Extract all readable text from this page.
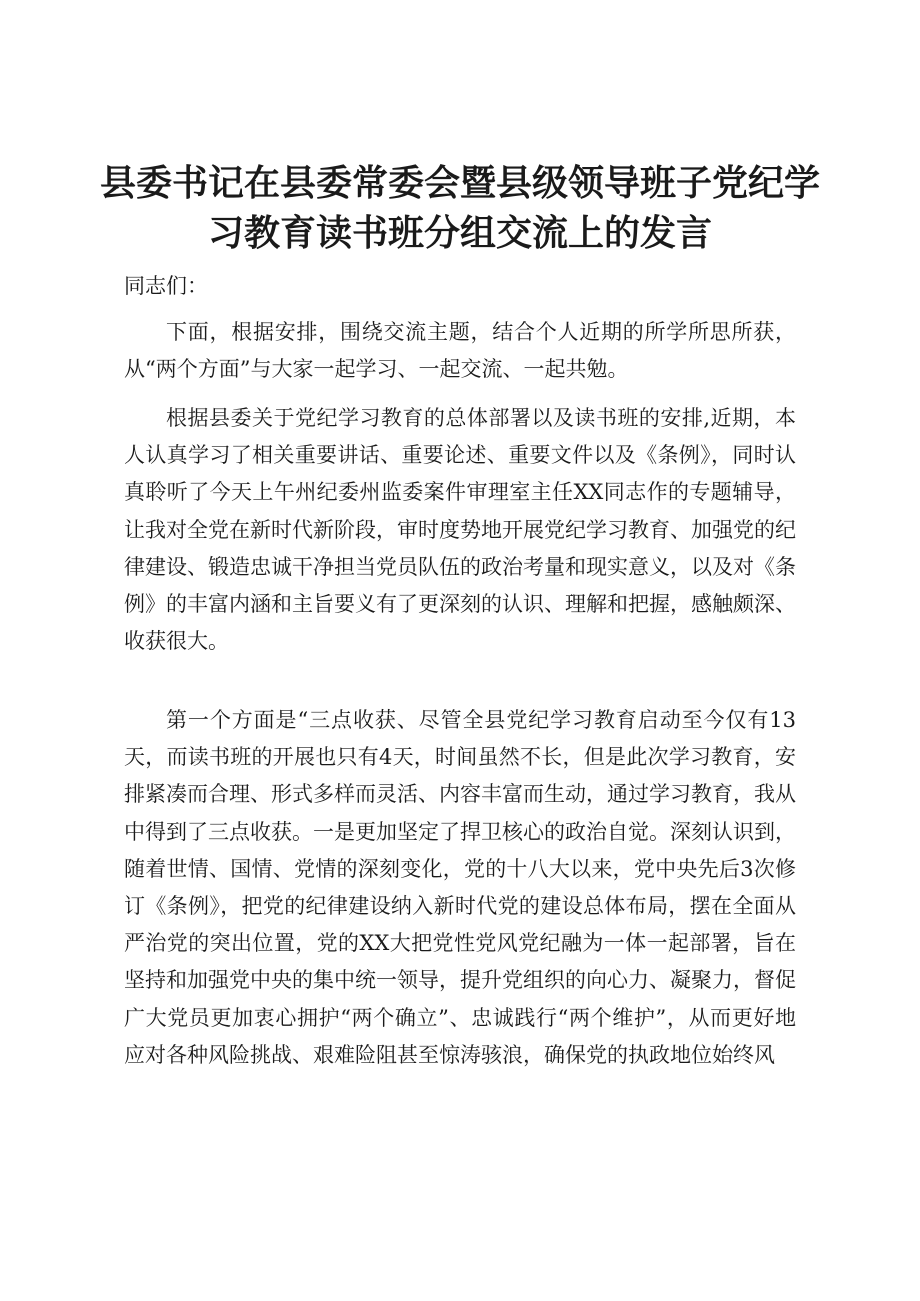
县委书记在县委常委会暨县级领导班子党纪学
习教育读书班分组交流上的发言
同志们：

下面，根据安排，围绕交流主题，结合个人近期的所学所思所获，从“两个方面”与大家一起学习、一起交流、一起共勉。

根据县委关于党纪学习教育的总体部署以及读书班的安排,近期，本人认真学习了相关重要讲话、重要论述、重要文件以及《条例》，同时认真聆听了今天上午州纪委州监委案件审理室主任XX同志作的专题辅导，让我对全党在新时代新阶段，审时度势地开展党纪学习教育、加强党的纪律建设、锻造忠诚干净担当党员队伍的政治考量和现实意义，以及对《条例》的丰富内涵和主旨要义有了更深刻的认识、理解和把握，感触颇深、收获很大。

第一个方面是“三点收获、尽管全县党纪学习教育启动至今仅有13天，而读书班的开展也只有4天，时间虽然不长，但是此次学习教育，安排紧凑而合理、形式多样而灵活、内容丰富而生动，通过学习教育，我从中得到了三点收获。一是更加坚定了捍卫核心的政治自觉。深刻认识到，随着世情、国情、党情的深刻变化，党的十八大以来，党中央先后3次修订《条例》，把党的纪律建设纳入新时代党的建设总体布局，摆在全面从严治党的突出位置，党的XX大把党性党风党纪融为一体一起部署，旨在坚持和加强党中央的集中统一领导，提升党组织的向心力、凝聚力，督促广大党员更加衷心拥护“两个确立”、忠诚践行“两个维护”，从而更好地应对各种风险挑战、艰难险阻甚至惊涛骇浪，确保党的执政地位始终风
